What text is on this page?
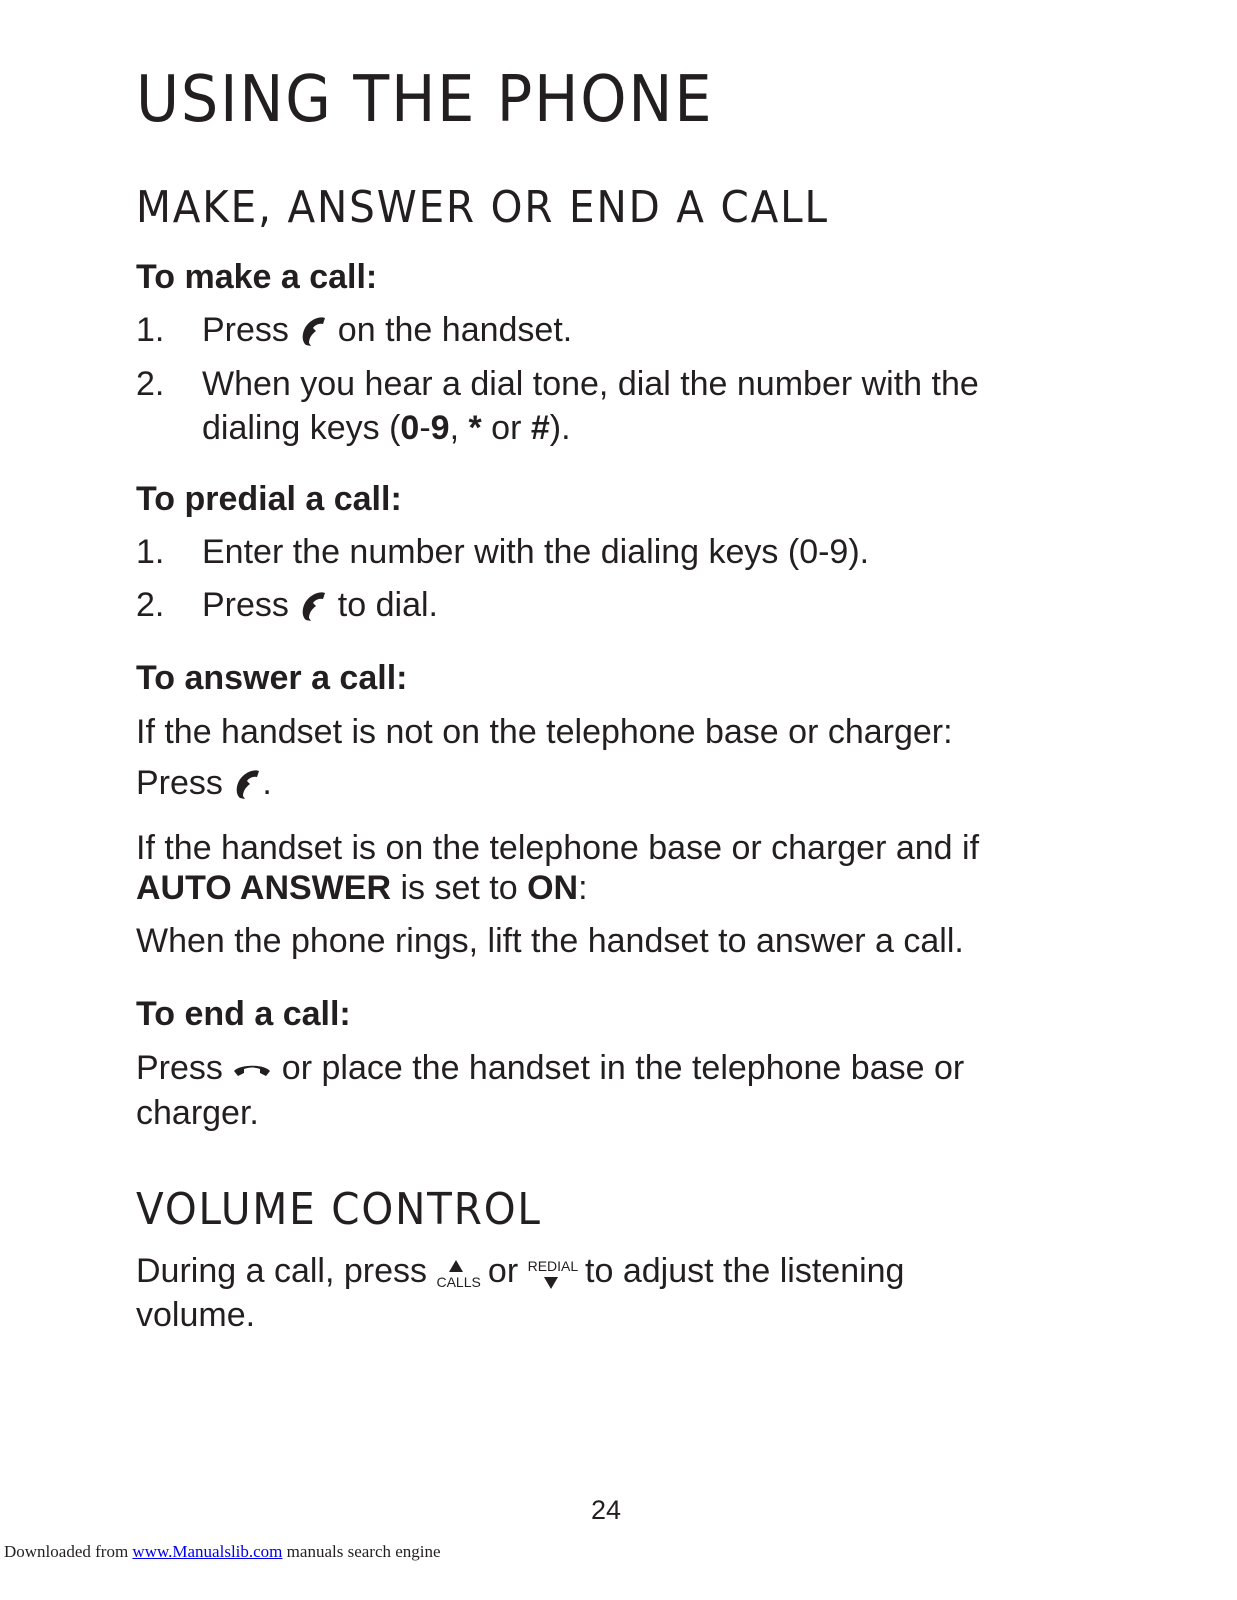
USING THE PHONE
MAKE, ANSWER OR END A CALL
To make a call:
1. Press
on the handset.
2. When you hear a dial tone, dial the number with the
dialing keys (0-9, * or #).
To predial a call:
1. Enter the number with the dialing keys (0-9).
2. Press
to dial.
To answer a call:

If the handset is not on the telephone base or charger:

Press
.

If the handset is on the telephone base or charger and if

AUTO ANSWER is set to ON:

When the phone rings, lift the handset to answer a call.

To end a call:

Press
or place the handset in the telephone base or

charger.

VOLUME CONTROL

During a call, press CALLS
or REDIAL
to adjust the listening

volume.

24
Downloaded from www.Manualslib.com manuals search engine
